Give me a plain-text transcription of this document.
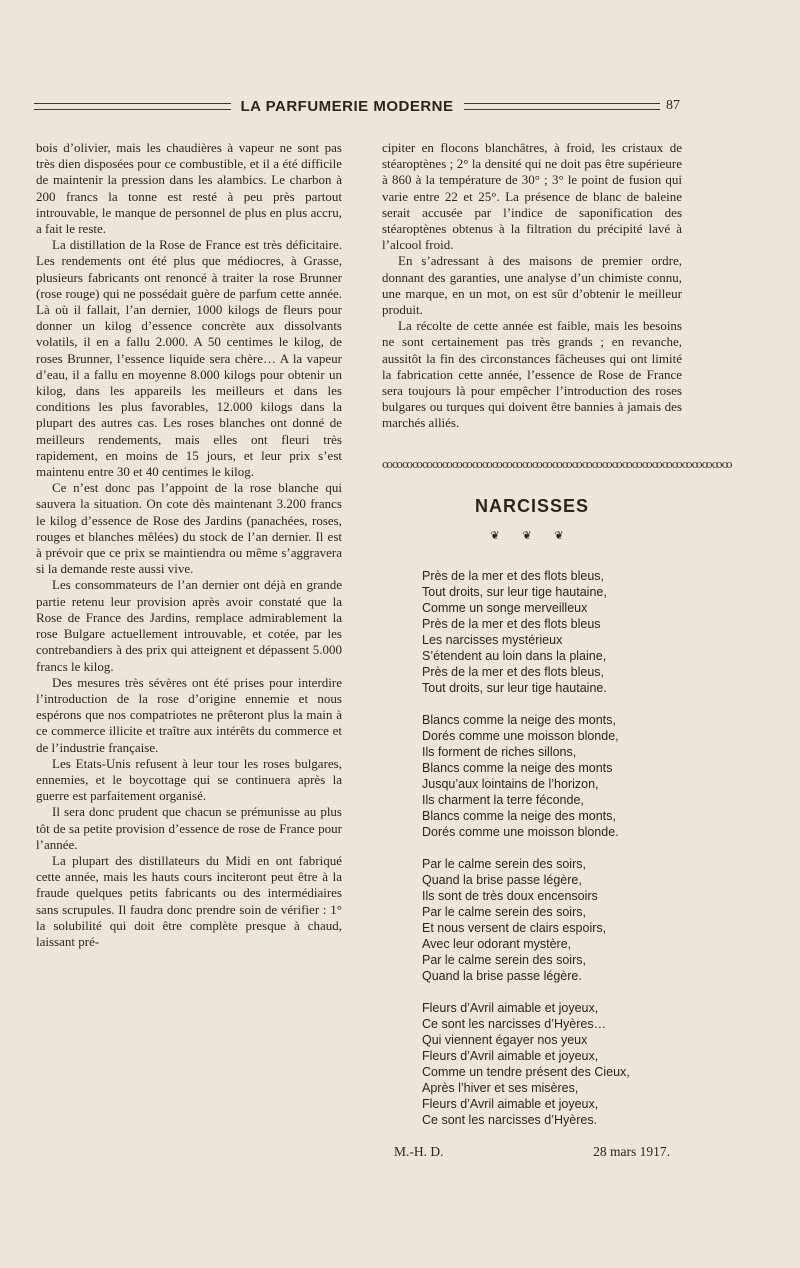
LA PARFUMERIE MODERNE	87

bois d’olivier, mais les chaudières à vapeur ne sont pas très dien disposées pour ce combustible, et il a été difficile de maintenir la pression dans les alambics. Le charbon à 200 francs la tonne est resté à peu près partout introuvable, le manque de personnel de plus en plus accru, a fait le reste.

La distillation de la Rose de France est très déficitaire. Les rendements ont été plus que médiocres, à Grasse, plusieurs fabricants ont renoncé à traiter la rose Brunner (rose rouge) qui ne possédait guère de parfum cette année. Là où il fallait, l’an dernier, 1000 kilogs de fleurs pour donner un kilog d’essence concrète aux dissolvants volatils, il en a fallu 2.000. A 50 centimes le kilog, de roses Brunner, l’essence liquide sera chère… A la vapeur d’eau, il a fallu en moyenne 8.000 kilogs pour obtenir un kilog, dans les appareils les meilleurs et dans les conditions les plus favorables, 12.000 kilogs dans la plupart des autres cas. Les roses blanches ont donné de meilleurs rendements, mais elles ont fleuri très rapidement, en moins de 15 jours, et leur prix s’est maintenu entre 30 et 40 centimes le kilog.

Ce n’est donc pas l’appoint de la rose blanche qui sauvera la situation. On cote dès maintenant 3.200 francs le kilog d’essence de Rose des Jardins (panachées, roses, rouges et blanches mêlées) du stock de l’an dernier. Il est à prévoir que ce prix se maintiendra ou même s’aggravera si la demande reste aussi vive.

Les consommateurs de l’an dernier ont déjà en grande partie retenu leur provision après avoir constaté que la Rose de France des Jardins, remplace admirablement la rose Bulgare actuellement introuvable, et cotée, par les contrebandiers à des prix qui atteignent et dépassent 5.000 francs le kilog.

Des mesures très sévères ont été prises pour interdire l’introduction de la rose d’origine ennemie et nous espérons que nos compatriotes ne prêteront plus la main à ce commerce illicite et traître aux intérêts du commerce et de l’industrie française.

Les Etats-Unis refusent à leur tour les roses bulgares, ennemies, et le boycottage qui se continuera après la guerre est parfaitement organisé.

Il sera donc prudent que chacun se prémunisse au plus tôt de sa petite provision d’essence de rose de France pour l’année.

La plupart des distillateurs du Midi en ont fabriqué cette année, mais les hauts cours inciteront peut être à la fraude quelques petits fabricants ou des intermédiaires sans scrupules. Il faudra donc prendre soin de vérifier : 1° la solubilité qui doit être complète presque à chaud, laissant pré-

cipiter en flocons blanchâtres, à froid, les cristaux de stéaroptènes ; 2° la densité qui ne doit pas être supérieure à 860 à la température de 30° ; 3° le point de fusion qui varie entre 22 et 25°. La présence de blanc de baleine serait accusée par l’indice de saponification des stéaroptènes obtenus à la filtration du précipité lavé à l’alcool froid.

En s’adressant à des maisons de premier ordre, donnant des garanties, une analyse d’un chimiste connu, une marque, en un mot, on est sûr d’obtenir le meilleur produit.

La récolte de cette année est faible, mais les besoins ne sont certainement pas très grands ; en revanche, aussitôt la fin des circonstances fâcheuses qui ont limité la fabrication cette année, l’essence de Rose de France sera toujours là pour empêcher l’introduction des roses bulgares ou turques qui doivent être bannies à jamais des marchés alliés.

ꝏꝏꝏꝏꝏꝏꝏꝏꝏꝏꝏꝏꝏꝏꝏꝏꝏꝏꝏꝏꝏꝏꝏꝏꝏꝏꝏꝏꝏꝏꝏꝏꝏꝏꝏ
NARCISSES
❦ ❦ ❦
Près de la mer et des flots bleus,
Tout droits, sur leur tige hautaine,
Comme un songe merveilleux
Près de la mer et des flots bleus
Les narcisses mystérieux
S’étendent au loin dans la plaine,
Près de la mer et des flots bleus,
Tout droits, sur leur tige hautaine.
Blancs comme la neige des monts,
Dorés comme une moisson blonde,
Ils forment de riches sillons,
Blancs comme la neige des monts
Jusqu’aux lointains de l’horizon,
Ils charment la terre féconde,
Blancs comme la neige des monts,
Dorés comme une moisson blonde.
Par le calme serein des soirs,
Quand la brise passe légère,
Ils sont de très doux encensoirs
Par le calme serein des soirs,
Et nous versent de clairs espoirs,
Avec leur odorant mystère,
Par le calme serein des soirs,
Quand la brise passe légère.
Fleurs d’Avril aimable et joyeux,
Ce sont les narcisses d’Hyères…
Qui viennent égayer nos yeux
Fleurs d’Avril aimable et joyeux,
Comme un tendre présent des Cieux,
Après l’hiver et ses misères,
Fleurs d’Avril aimable et joyeux,
Ce sont les narcisses d’Hyères.
M.-H. D.	28 mars 1917.
